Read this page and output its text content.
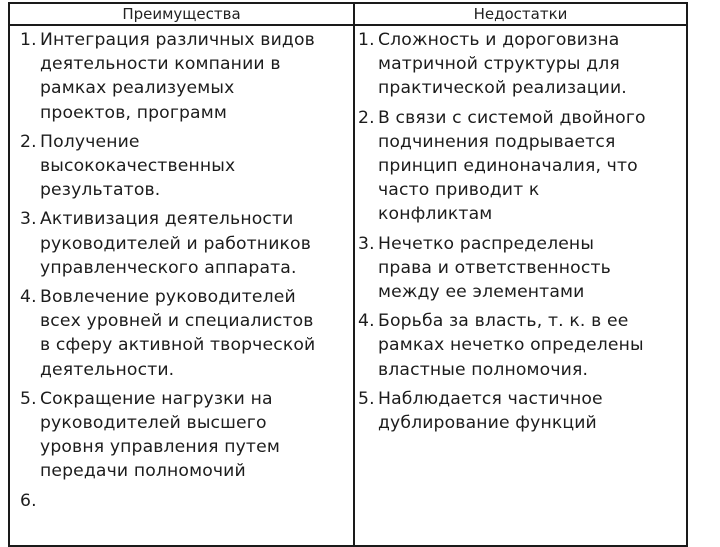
Преимущества	Недостатки
1. Интеграция различных видов
деятельности компании в
рамках реализуемых
проектов, программ
2. Получение
высококачественных
результатов.
3. Активизация деятельности
руководителей и работников
управленческого аппарата.
4. Вовлечение руководителей
всех уровней и специалистов
в сферу активной творческой
деятельности.
5. Сокращение нагрузки на
руководителей высшего
уровня управления путем
передачи полномочий
6.

1. Сложность и дороговизна
матричной структуры для
практической реализации.
2. В связи с системой двойного
подчинения подрывается
принцип единоначалия, что
часто приводит к
конфликтам
3. Нечетко распределены
права и ответственность
между ее элементами
4. Борьба за власть, т. к. в ее
рамках нечетко определены
властные полномочия.
5. Наблюдается частичное
дублирование функций
